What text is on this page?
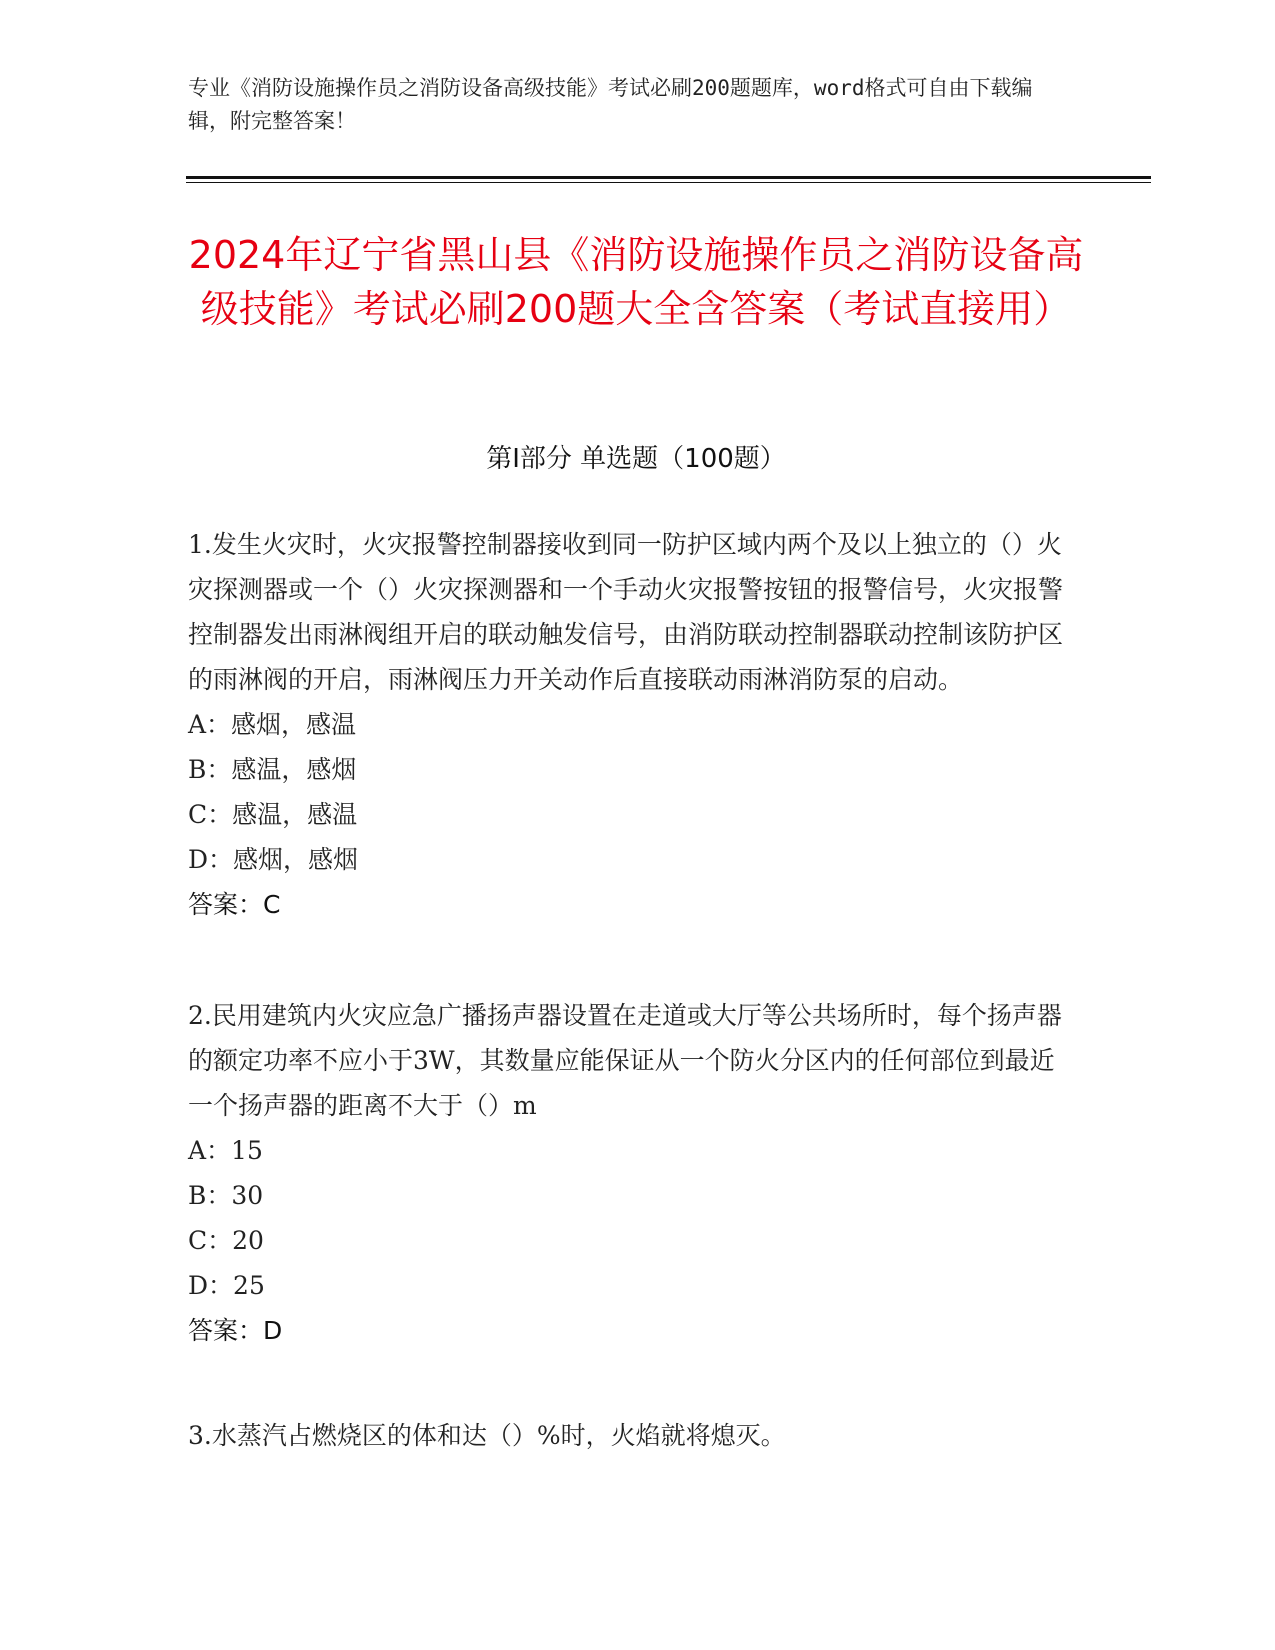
专业《消防设施操作员之消防设备高级技能》考试必刷200题题库，word格式可自由下载编辑，附完整答案！
2024年辽宁省黑山县《消防设施操作员之消防设备高级技能》考试必刷200题大全含答案（考试直接用）
第I部分 单选题（100题）

1.发生火灾时，火灾报警控制器接收到同一防护区域内两个及以上独立的（）火灾探测器或一个（）火灾探测器和一个手动火灾报警按钮的报警信号，火灾报警控制器发出雨淋阀组开启的联动触发信号，由消防联动控制器联动控制该防护区的雨淋阀的开启，雨淋阀压力开关动作后直接联动雨淋消防泵的启动。

A：感烟，感温

B：感温，感烟

C：感温，感温

D：感烟，感烟

答案：C

2.民用建筑内火灾应急广播扬声器设置在走道或大厅等公共场所时，每个扬声器的额定功率不应小于3W，其数量应能保证从一个防火分区内的任何部位到最近一个扬声器的距离不大于（）m

A：15

B：30

C：20

D：25

答案：D

3.水蒸汽占燃烧区的体和达（）%时，火焰就将熄灭。
